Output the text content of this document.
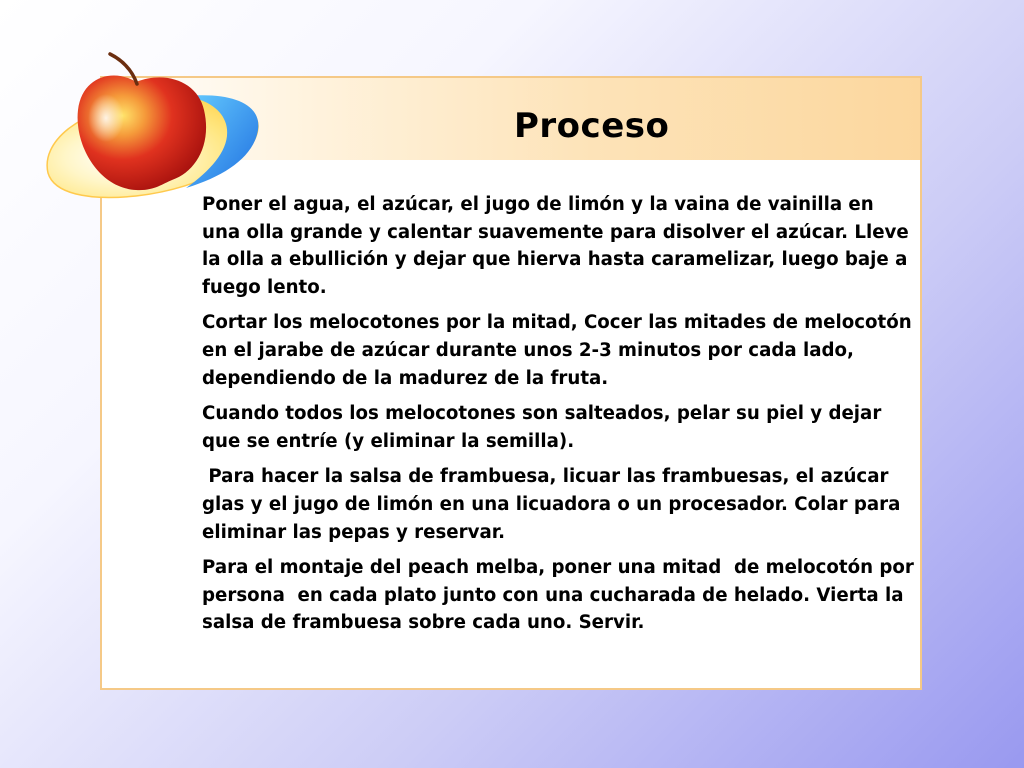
Proceso

Poner el agua, el azúcar, el jugo de limón y la vaina de vainilla en una olla grande y calentar suavemente para disolver el azúcar. Lleve la olla a ebullición y dejar que hierva hasta caramelizar, luego baje a fuego lento.

Cortar los melocotones por la mitad, Cocer las mitades de melocotón en el jarabe de azúcar durante unos 2-3 minutos por cada lado, dependiendo de la madurez de la fruta.

Cuando todos los melocotones son salteados, pelar su piel y dejar que se entríe (y eliminar la semilla).

Para hacer la salsa de frambuesa, licuar las frambuesas, el azúcar glas y el jugo de limón en una licuadora o un procesador. Colar para eliminar las pepas y reservar.

Para el montaje del peach melba, poner una mitad  de melocotón por persona  en cada plato junto con una cucharada de helado. Vierta la salsa de frambuesa sobre cada uno. Servir.
